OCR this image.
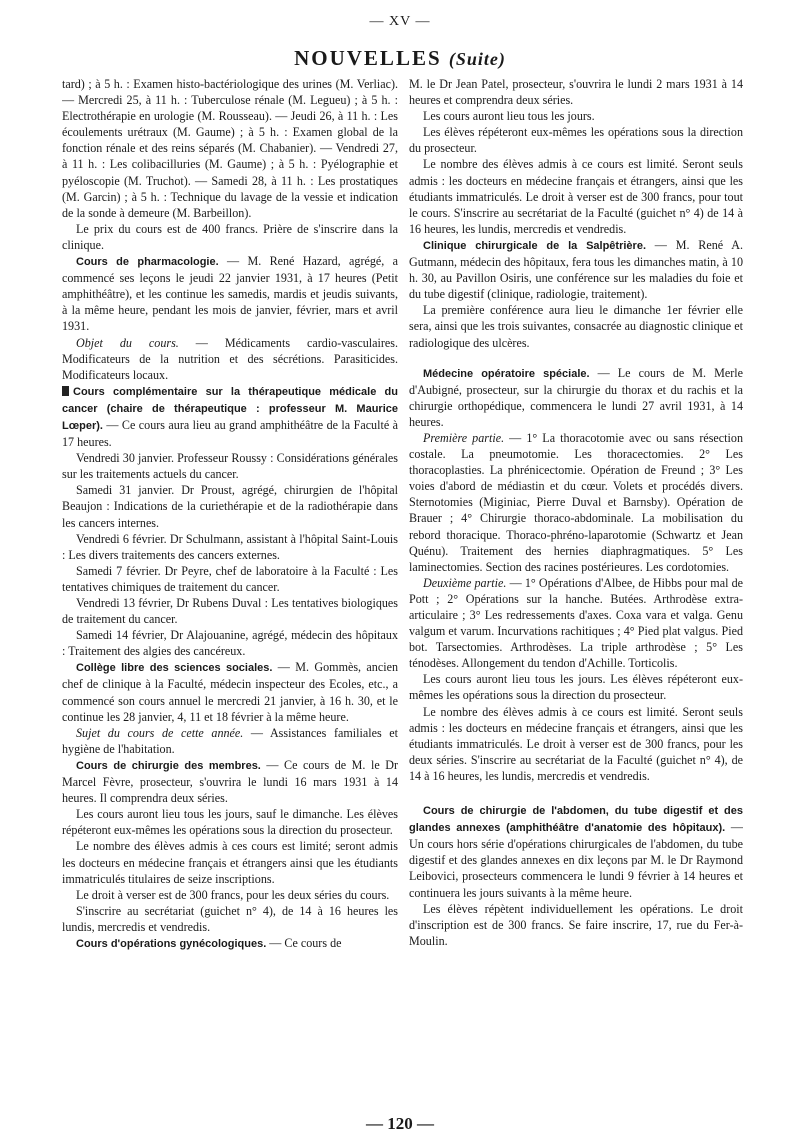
— XV —
NOUVELLES (Suite)

tard) ; à 5 h. : Examen histo-bactériologique des urines (M. Verliac). — Mercredi 25, à 11 h. : Tuberculose rénale (M. Legueu) ; à 5 h. : Electrothérapie en urologie (M. Rousseau). — Jeudi 26, à 11 h. : Les écoulements urétraux (M. Gaume) ; à 5 h. : Examen global de la fonction rénale et des reins séparés (M. Chabanier). — Vendredi 27, à 11 h. : Les colibacilluries (M. Gaume) ; à 5 h. : Pyélographie et pyéloscopie (M. Truchot). — Samedi 28, à 11 h. : Les prostatiques (M. Garcin) ; à 5 h. : Technique du lavage de la vessie et indication de la sonde à demeure (M. Barbeillon).

Le prix du cours est de 400 francs. Prière de s'inscrire dans la clinique.

Cours de pharmacologie. — M. René Hazard, agrégé, a commencé ses leçons le jeudi 22 janvier 1931, à 17 heures (Petit amphithéâtre), et les continue les samedis, mardis et jeudis suivants, à la même heure, pendant les mois de janvier, février, mars et avril 1931.

Objet du cours. — Médicaments cardio-vasculaires. Modificateurs de la nutrition et des sécrétions. Parasiticides. Modificateurs locaux.

Cours complémentaire sur la thérapeutique médicale du cancer (chaire de thérapeutique : professeur M. Maurice Lœper). — Ce cours aura lieu au grand amphithéâtre de la Faculté à 17 heures.

Vendredi 30 janvier. Professeur Roussy : Considérations générales sur les traitements actuels du cancer.

Samedi 31 janvier. Dr Proust, agrégé, chirurgien de l'hôpital Beaujon : Indications de la curiethérapie et de la radiothérapie dans les cancers internes.

Vendredi 6 février. Dr Schulmann, assistant à l'hôpital Saint-Louis : Les divers traitements des cancers externes.

Samedi 7 février. Dr Peyre, chef de laboratoire à la Faculté : Les tentatives chimiques de traitement du cancer.

Vendredi 13 février, Dr Rubens Duval : Les tentatives biologiques de traitement du cancer.

Samedi 14 février, Dr Alajouanine, agrégé, médecin des hôpitaux : Traitement des algies des cancéreux.

Collège libre des sciences sociales. — M. Gommès, ancien chef de clinique à la Faculté, médecin inspecteur des Ecoles, etc., a commencé son cours annuel le mercredi 21 janvier, à 16 h. 30, et le continue les 28 janvier, 4, 11 et 18 février à la même heure.

Sujet du cours de cette année. — Assistances familiales et hygiène de l'habitation.

Cours de chirurgie des membres. — Ce cours de M. le Dr Marcel Fèvre, prosecteur, s'ouvrira le lundi 16 mars 1931 à 14 heures. Il comprendra deux séries.

Les cours auront lieu tous les jours, sauf le dimanche. Les élèves répéteront eux-mêmes les opérations sous la direction du prosecteur.

Le nombre des élèves admis à ces cours est limité; seront admis les docteurs en médecine français et étrangers ainsi que les étudiants immatriculés titulaires de seize inscriptions.

Le droit à verser est de 300 francs, pour les deux séries du cours.

S'inscrire au secrétariat (guichet n° 4), de 14 à 16 heures les lundis, mercredis et vendredis.

Cours d'opérations gynécologiques. — Ce cours de

M. le Dr Jean Patel, prosecteur, s'ouvrira le lundi 2 mars 1931 à 14 heures et comprendra deux séries.

Les cours auront lieu tous les jours.

Les élèves répéteront eux-mêmes les opérations sous la direction du prosecteur.

Le nombre des élèves admis à ce cours est limité. Seront seuls admis : les docteurs en médecine français et étrangers, ainsi que les étudiants immatriculés. Le droit à verser est de 300 francs, pour tout le cours. S'inscrire au secrétariat de la Faculté (guichet n° 4) de 14 à 16 heures, les lundis, mercredis et vendredis.

Clinique chirurgicale de la Salpêtrière. — M. René A. Gutmann, médecin des hôpitaux, fera tous les dimanches matin, à 10 h. 30, au Pavillon Osiris, une conférence sur les maladies du foie et du tube digestif (clinique, radiologie, traitement).

La première conférence aura lieu le dimanche 1er février elle sera, ainsi que les trois suivantes, consacrée au diagnostic clinique et radiologique des ulcères.

Médecine opératoire spéciale. — Le cours de M. Merle d'Aubigné, prosecteur, sur la chirurgie du thorax et du rachis et la chirurgie orthopédique, commencera le lundi 27 avril 1931, à 14 heures.

Première partie. — 1° La thoracotomie avec ou sans résection costale. La pneumotomie. Les thoracectomies. 2° Les thoracoplasties. La phrénicectomie. Opération de Freund ; 3° Les voies d'abord de médiastin et du cœur. Volets et procédés divers. Sternotomies (Miginiac, Pierre Duval et Barnsby). Opération de Brauer ; 4° Chirurgie thoraco-abdominale. La mobilisation du rebord thoracique. Thoraco-phréno-laparotomie (Schwartz et Jean Quénu). Traitement des hernies diaphragmatiques. 5° Les laminectomies. Section des racines postérieures. Les cordotomies.

Deuxième partie. — 1° Opérations d'Albee, de Hibbs pour mal de Pott ; 2° Opérations sur la hanche. Butées. Arthrodèse extra-articulaire ; 3° Les redressements d'axes. Coxa vara et valga. Genu valgum et varum. Incurvations rachitiques ; 4° Pied plat valgus. Pied bot. Tarsectomies. Arthrodèses. La triple arthrodèse ; 5° Les ténodèses. Allongement du tendon d'Achille. Torticolis.

Les cours auront lieu tous les jours. Les élèves répéteront eux-mêmes les opérations sous la direction du prosecteur.

Le nombre des élèves admis à ce cours est limité. Seront seuls admis : les docteurs en médecine français et étrangers, ainsi que les étudiants immatriculés. Le droit à verser est de 300 francs, pour les deux séries. S'inscrire au secrétariat de la Faculté (guichet n° 4), de 14 à 16 heures, les lundis, mercredis et vendredis.

Cours de chirurgie de l'abdomen, du tube digestif et des glandes annexes (amphithéâtre d'anatomie des hôpitaux). — Un cours hors série d'opérations chirurgicales de l'abdomen, du tube digestif et des glandes annexes en dix leçons par M. le Dr Raymond Leibovici, prosecteurs commencera le lundi 9 février à 14 heures et continuera les jours suivants à la même heure.

Les élèves répètent individuellement les opérations. Le droit d'inscription est de 300 francs. Se faire inscrire, 17, rue du Fer-à-Moulin.

— 120 —
